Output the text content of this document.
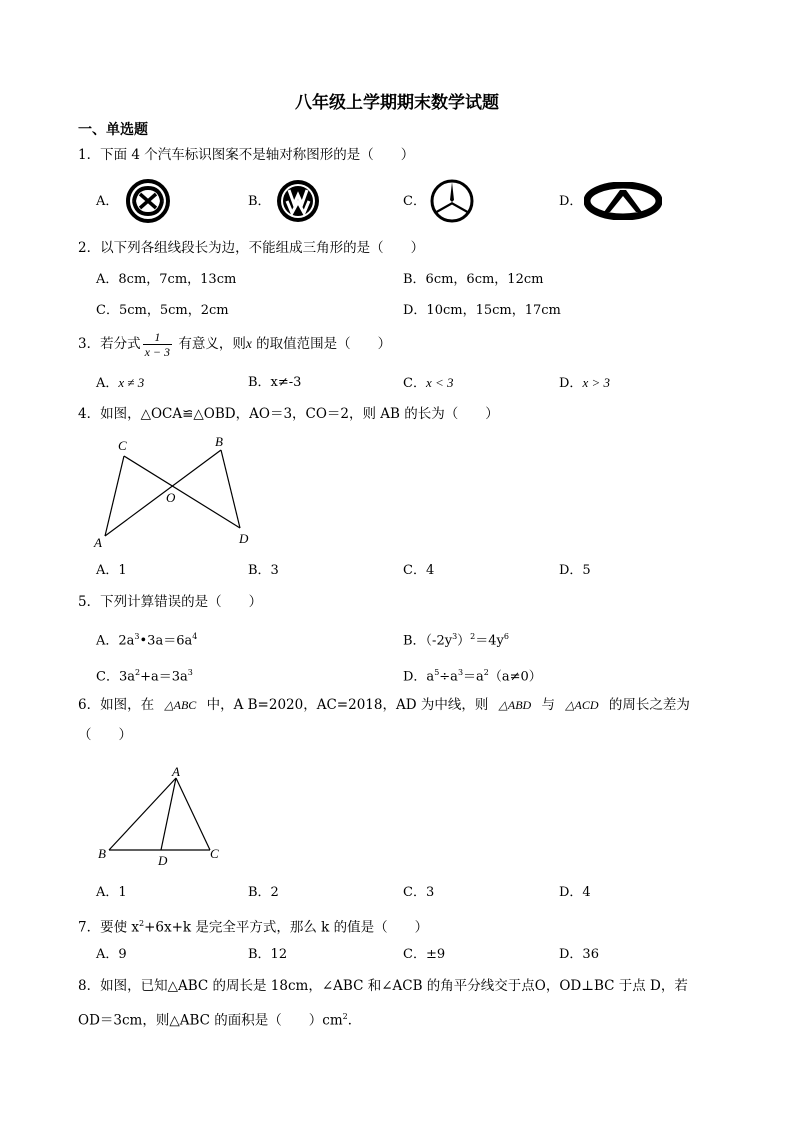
八年级上学期期末数学试题
一、单选题
1．下面 4 个汽车标识图案不是轴对称图形的是（　　）
A．	B．	C．	D．
2．以下列各组线段长为边，不能组成三角形的是（　　）
A．8cm，7cm，13cm	B．6cm，6cm，12cm
C．5cm，5cm，2cm	D．10cm，15cm，17cm
3．若分式 $\frac{1}{x - 3}$ 有意义，则x 的取值范围是（　　）
A．x ≠ 3	B．x≠-3	C．x < 3	D．x > 3
4．如图，△OCA≌△OBD，AO＝3，CO＝2，则 AB 的长为（　　）
C	B
O
A	D
A．1	B．3	C．4	D．5
5．下列计算错误的是（　　）
A．$2a^3•3a=6a^4$	B．$(-2y^3)^2=4y^6$
C．$3a^2+a=3a^3$	D．$a^5\div a^3=a^2(a\ne 0)$
6．如图，在 △ABC 中，A B=2020，AC=2018，AD 为中线，则 △ABD 与 △ACD 的周长之差为
（　　）
A
B	D	C
A．1	B．2	C．3	D．4
7．要使 $x^2+6x+k$ 是完全平方式，那么 k 的值是（　　）
A．9	B．12	C．±9	D．36
8．如图，已知△ABC 的周长是 18cm，∠ABC 和∠ACB 的角平分线交于点O，OD⊥BC 于点 D，若
OD＝3cm，则△ABC 的面积是（　　）$cm^2$．
